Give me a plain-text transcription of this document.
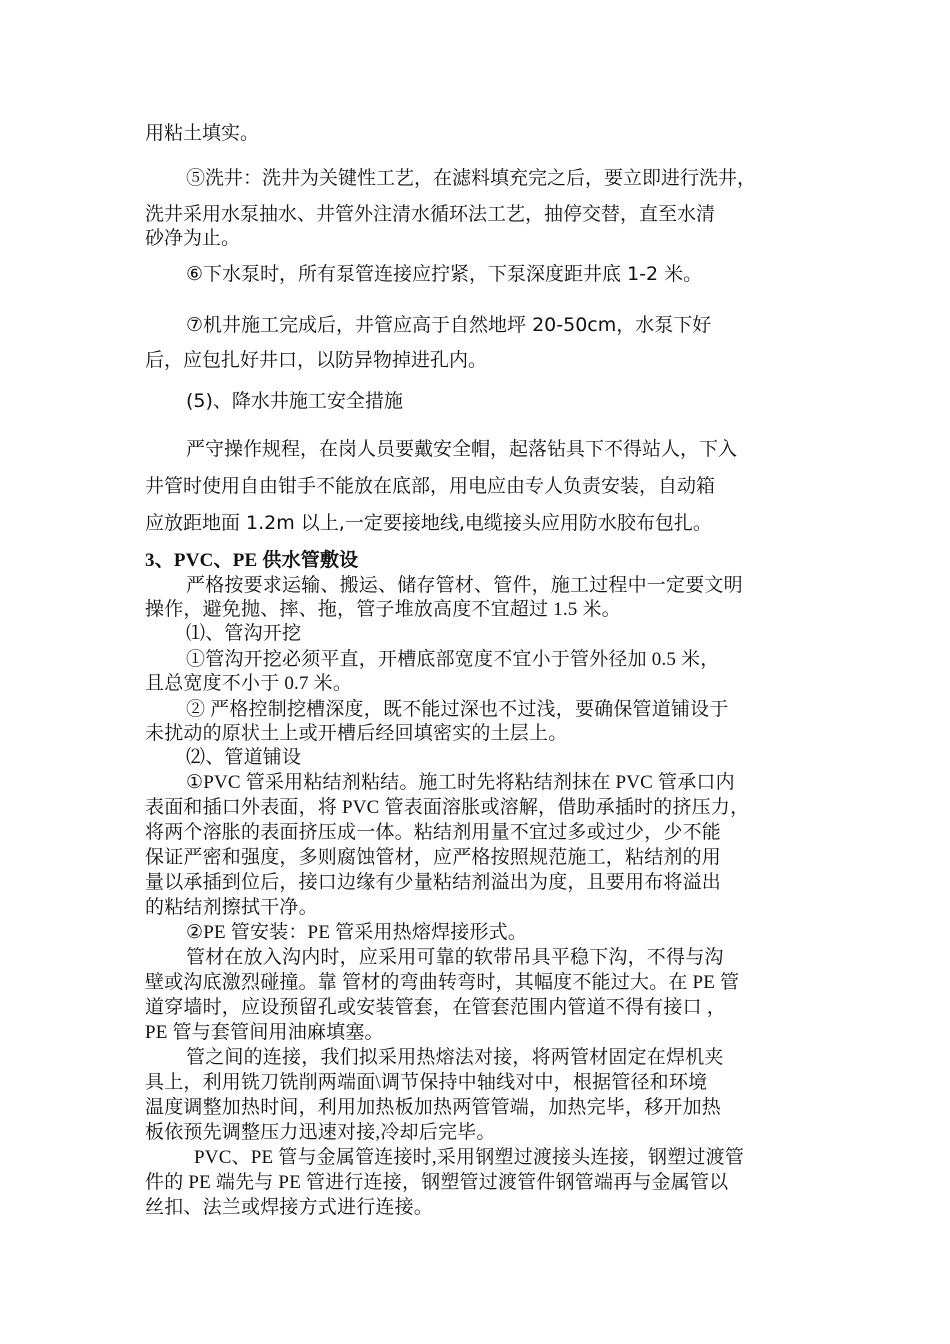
用粘土填实。

⑤洗井：洗井为关键性工艺，在滤料填充完之后，要立即进行洗井，

洗井采用水泵抽水、井管外注清水循环法工艺，抽停交替，直至水清

砂净为止。

⑥下水泵时，所有泵管连接应拧紧，下泵深度距井底 1-2 米。

⑦机井施工完成后，井管应高于自然地坪 20-50cm，水泵下好

后，应包扎好井口，以防异物掉进孔内。

(5)、降水井施工安全措施

严守操作规程，在岗人员要戴安全帽，起落钻具下不得站人，下入

井管时使用自由钳手不能放在底部，用电应由专人负责安装，自动箱

应放距地面 1.2m 以上,一定要接地线,电缆接头应用防水胶布包扎。

3、PVC、PE 供水管敷设

严格按要求运输、搬运、储存管材、管件，施工过程中一定要文明

操作，避免抛、摔、拖，管子堆放高度不宜超过 1.5 米。

⑴、管沟开挖

①管沟开挖必须平直，开槽底部宽度不宜小于管外径加 0.5 米，

且总宽度不小于 0.7 米。

② 严格控制挖槽深度，既不能过深也不过浅，要确保管道铺设于

未扰动的原状土上或开槽后经回填密实的土层上。

⑵、管道铺设

①PVC 管采用粘结剂粘结。施工时先将粘结剂抹在 PVC 管承口内

表面和插口外表面，将 PVC 管表面溶胀或溶解，借助承插时的挤压力，

将两个溶胀的表面挤压成一体。粘结剂用量不宜过多或过少，少不能

保证严密和强度，多则腐蚀管材，应严格按照规范施工，粘结剂的用

量以承插到位后，接口边缘有少量粘结剂溢出为度，且要用布将溢出

的粘结剂擦拭干净。

②PE 管安装：PE 管采用热熔焊接形式。

管材在放入沟内时，应采用可靠的软带吊具平稳下沟，不得与沟

壁或沟底激烈碰撞。靠 管材的弯曲转弯时，其幅度不能过大。在 PE 管

道穿墙时，应设预留孔或安装管套，在管套范围内管道不得有接口 ，

PE 管与套管间用油麻填塞。

管之间的连接，我们拟采用热熔法对接，将两管材固定在焊机夹

具上，利用铣刀铣削两端面\调节保持中轴线对中，根据管径和环境

温度调整加热时间，利用加热板加热两管管端，加热完毕，移开加热

板依预先调整压力迅速对接,冷却后完毕。

PVC、PE 管与金属管连接时,采用钢塑过渡接头连接，钢塑过渡管

件的 PE 端先与 PE 管进行连接，钢塑管过渡管件钢管端再与金属管以

丝扣、法兰或焊接方式进行连接。
